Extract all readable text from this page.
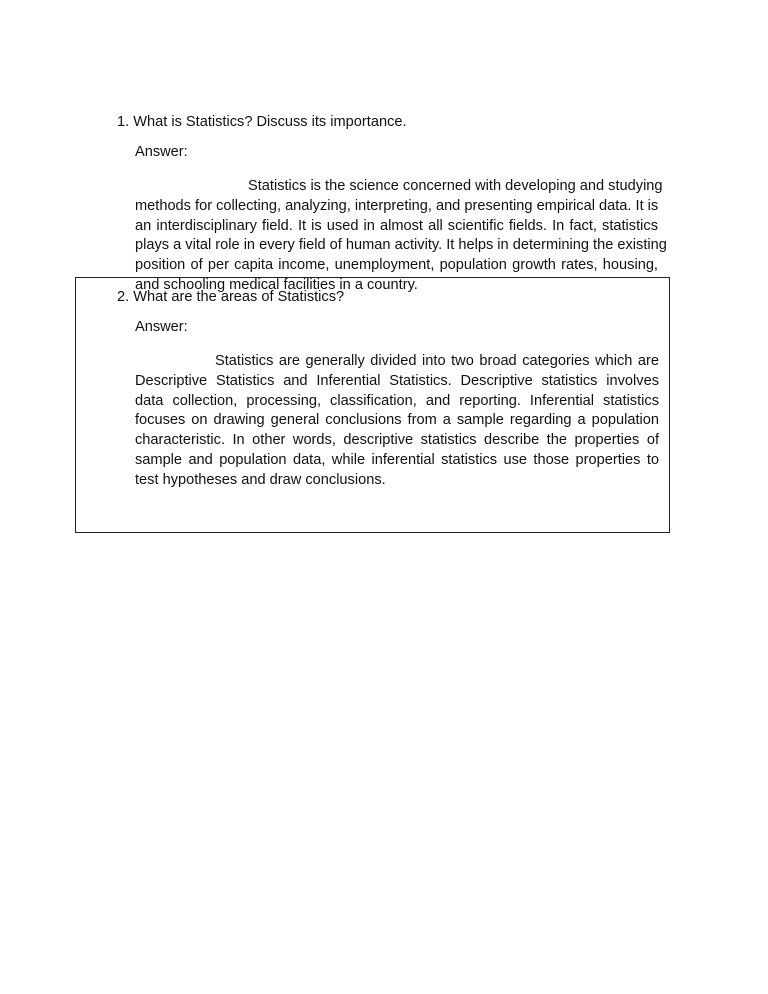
1. What is Statistics? Discuss its importance.
Answer:
Statistics is the science concerned with developing and studying
methods for collecting, analyzing, interpreting, and presenting empirical data. It is
an interdisciplinary field. It is used in almost all scientific fields. In fact, statistics
plays a vital role in every field of human activity. It helps in determining the existing
position of per capita income, unemployment, population growth rates, housing,
and schooling medical facilities in a country.
2. What are the areas of Statistics?
Answer:
Statistics are generally divided into two broad categories which are
Descriptive Statistics and Inferential Statistics. Descriptive statistics involves
data collection, processing, classification, and reporting. Inferential statistics
focuses on drawing general conclusions from a sample regarding a population
characteristic. In other words, descriptive statistics describe the properties of
sample and population data, while inferential statistics use those properties to
test hypotheses and draw conclusions.
